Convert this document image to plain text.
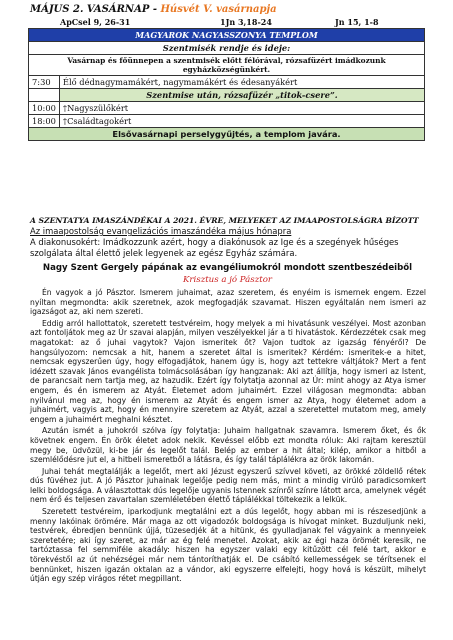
MÁJUS 2. VASÁRNAP - Húsvét V. vasárnapja
ApCsel 9, 26-31	1Jn 3,18-24	Jn 15, 1-8
MAGYAROK NAGYASSZONYA TEMPLOM	
Szentmisék rendje és ideje:	
Vasárnap és főünnepen a szentmisék előtt félórával, rózsafüzért imádkozunk egyházközségünkért.	
7:30	Élő dédnagymamákért, nagymamákért és édesanyákért
	Szentmise után, rózsafüzér „titok-csere”.
10:00	†Nagyszülőkért
18:00	†Családtagokért
Elsővasárnapi perselygyűjtés, a templom javára.	
A SZENTATYA IMASZÁNDÉKAI A 2021. ÉVRE, MELYEKET AZ IMAAPOSTOLSÁGRA BÍZOTT
Az imaapostolság evangelizációs imaszándéka május hónapra
A diakonusokért: Imádkozzunk azért, hogy a diakónusok az Ige és a szegények hűséges szolgálata által élettő jelek legyenek az egész Egyház számára.
Nagy Szent Gergely pápának az evangéliumokról mondott szentbeszédeiből
Krisztus a jó Pásztor

Én vagyok a jó Pásztor. Ismerem juhaimat, azaz szeretem, és enyéim is ismernek engem. Ezzel nyíltan megmondta: akik szeretnek, azok megfogadják szavamat. Hiszen egyáltalán nem ismeri az igazságot az, aki nem szereti.

Eddig arról hallottatok, szeretett testvéreim, hogy melyek a mi hivatásunk veszélyei. Most azonban azt fontoljátok meg az Úr szavai alapján, milyen veszélyekkel jár a ti hivatástok. Kérdezzétek csak meg magatokat: az ő juhai vagytok? Vajon ismeritek őt? Vajon tudtok az igazság fényéről? De hangsúlyozom: nemcsak a hit, hanem a szeretet által is ismeritek? Kérdém: ismeritek-e a hitet, nemcsak egyszerűen úgy, hogy elfogadjátok, hanem úgy is, hogy azt tettekre váltjátok? Mert a fent idézett szavak János evangélista tolmácsolásában így hangzanak: Aki azt állítja, hogy ismeri az Istent, de parancsait nem tartja meg, az hazudik. Ezért így folytatja azonnal az Úr: mint ahogy az Atya ismer engem, és én ismerem az Atyát. Életemet adom juhaimért. Ezzel világosan megmondta: abban nyilvánul meg az, hogy én ismerem az Atyát és engem ismer az Atya, hogy életemet adom a juhaimért, vagyis azt, hogy én mennyire szeretem az Atyát, azzal a szeretettel mutatom meg, amely engem a juhaimért meghalni késztet.

Azután ismét a juhokról szólva így folytatja: Juhaim hallgatnak szavamra. Ismerem őket, és ők követnek engem. Én örök életet adok nekik. Kevéssel előbb ezt mondta róluk: Aki rajtam keresztül megy be, üdvözül, ki-be jár és legelőt talál. Belép az ember a hit által; kilép, amikor a hitből a szemlélődésre jut el, a hitbeli ismeretből a látásra, és így talál táplálékra az örök lakomán.

Juhai tehát megtalálják a legelőt, mert aki Jézust egyszerű szívvel követi, az örökké zöldellő rétek dús füvéhez jut. A jó Pásztor juhainak legelője pedig nem más, mint a mindig virúló paradicsomkert lelki boldogsága. A választottak dús legelője ugyanis Istennek színről színre látott arca, amelynek végét nem érő és teljesen zavartalan szemléletében élettő táplálékkal töltekezik a lelkük.

Szeretett testvéreim, iparkodjunk megtalálni ezt a dús legelőt, hogy abban mi is részesedjünk a menny lakóinak örömére. Már maga az ott vigadozók boldogsága is hívogat minket. Buzduljunk neki, testvérek, ébredjen bennünk újjá, tüzesedjék át a hitünk, és gyulladjanak fel vágyaink a mennyeiek szeretetére; aki így szeret, az már az ég felé menetel. Azokat, akik az égi haza örömét keresik, ne tartóztassa fel semmiféle akadály: hiszen ha egyszer valaki egy kitűzött cél felé tart, akkor e törekvéstől az út nehézségei már nem tántoríthatják el. De csábító kellemességek se térítsenek el bennünket, hiszen igazán oktalan az a vándor, aki egyszerre elfelejti, hogy hová is készült, mihelyt útján egy szép virágos rétet megpillant.
